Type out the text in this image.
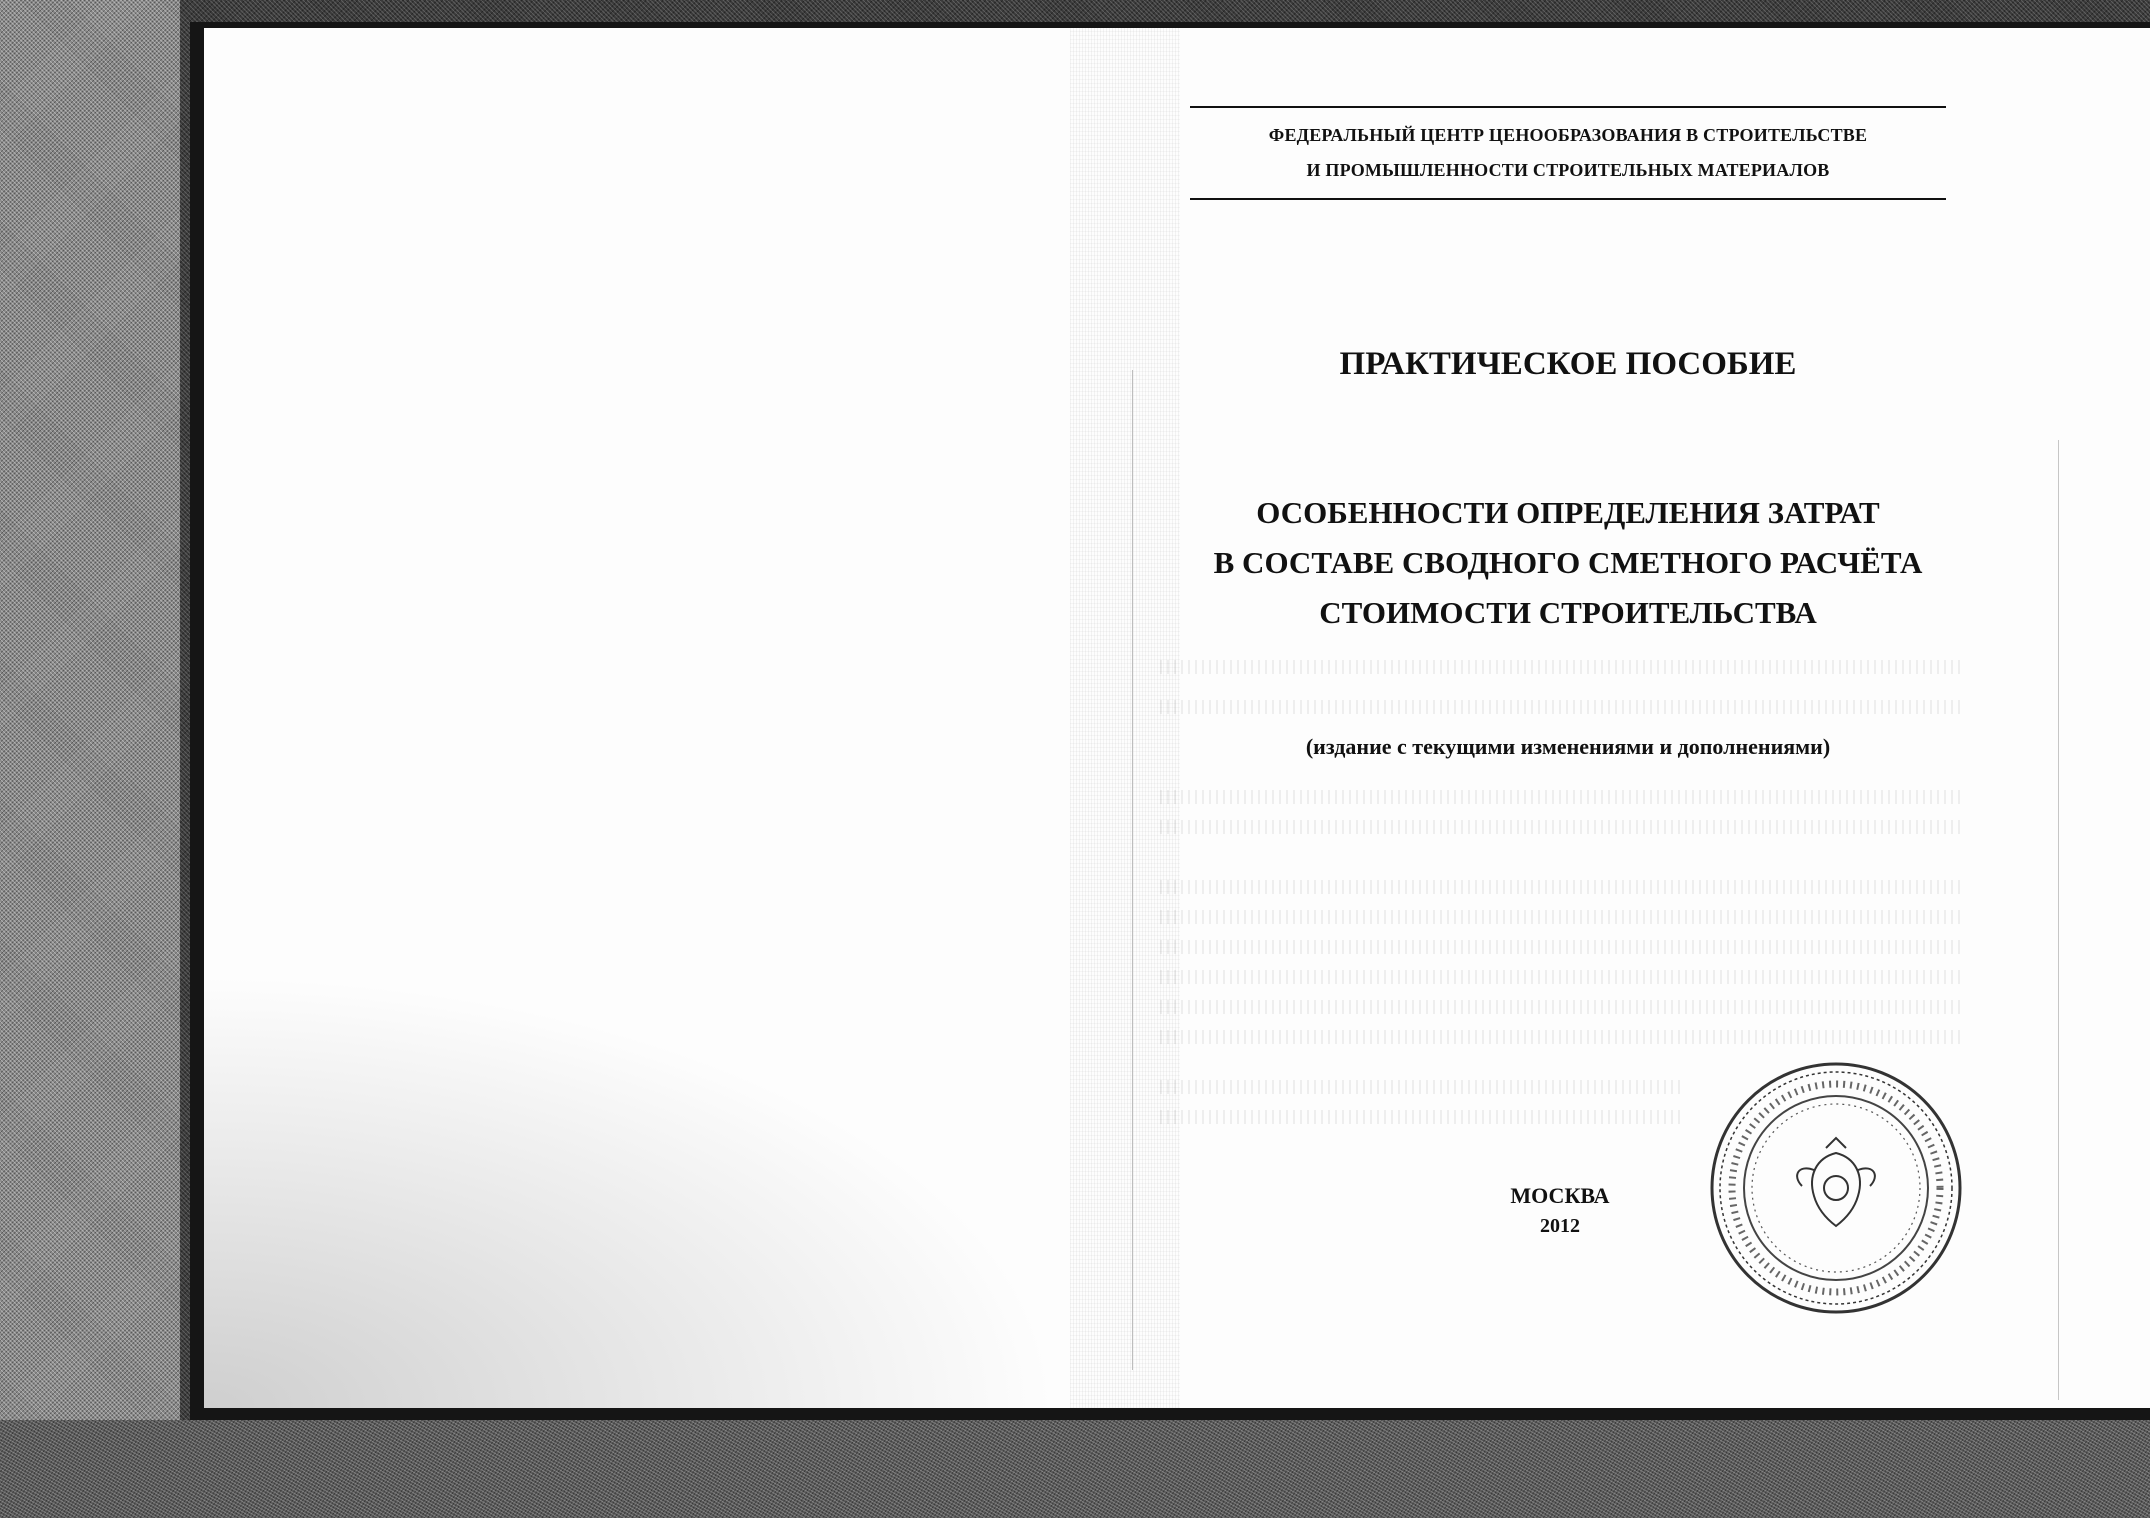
ФЕДЕРАЛЬНЫЙ ЦЕНТР ЦЕНООБРАЗОВАНИЯ В СТРОИТЕЛЬСТВЕ
И ПРОМЫШЛЕННОСТИ СТРОИТЕЛЬНЫХ МАТЕРИАЛОВ
ПРАКТИЧЕСКОЕ ПОСОБИЕ
ОСОБЕННОСТИ ОПРЕДЕЛЕНИЯ ЗАТРАТ
В СОСТАВЕ СВОДНОГО СМЕТНОГО РАСЧЁТА
СТОИМОСТИ СТРОИТЕЛЬСТВА
(издание с текущими изменениями и дополнениями)
МОСКВА
2012
